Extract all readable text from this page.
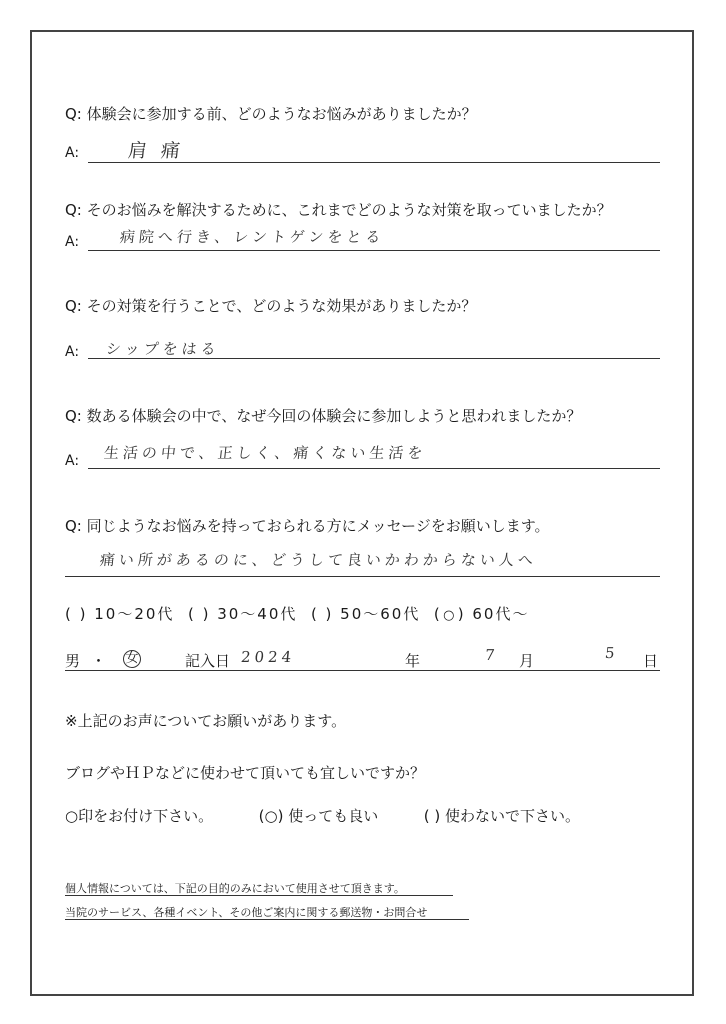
Q: 体験会に参加する前、どのようなお悩みがありましたか？
A:	肩 痛
Q: そのお悩みを解決するために、これまでどのような対策を取っていましたか？
A:	病院へ行き、レントゲンをとる
Q: その対策を行うことで、どのような効果がありましたか？
A: シップをはる
Q: 数ある体験会の中で、なぜ今回の体験会に参加しようと思われましたか？
A: 生活の中で、正しく、痛くない生活を
Q: 同じようなお悩みを持っておられる方にメッセージをお願いします。
痛い所があるのに、どうして良いかわからない人へ
( ) 10～20代 ( ) 30～40代 ( ) 50～60代 (○) 60代～
男 ・ 女	記入日 2024	年	7 月	5 日
※上記のお声についてお願いがあります。
ブログやＨＰなどに使わせて頂いても宜しいですか？
○印をお付け下さい。	(○) 使っても良い	( ) 使わないで下さい。
個人情報については、下記の目的のみにおいて使用させて頂きます。
当院のサービス、各種イベント、その他ご案内に関する郵送物・お問合せ
